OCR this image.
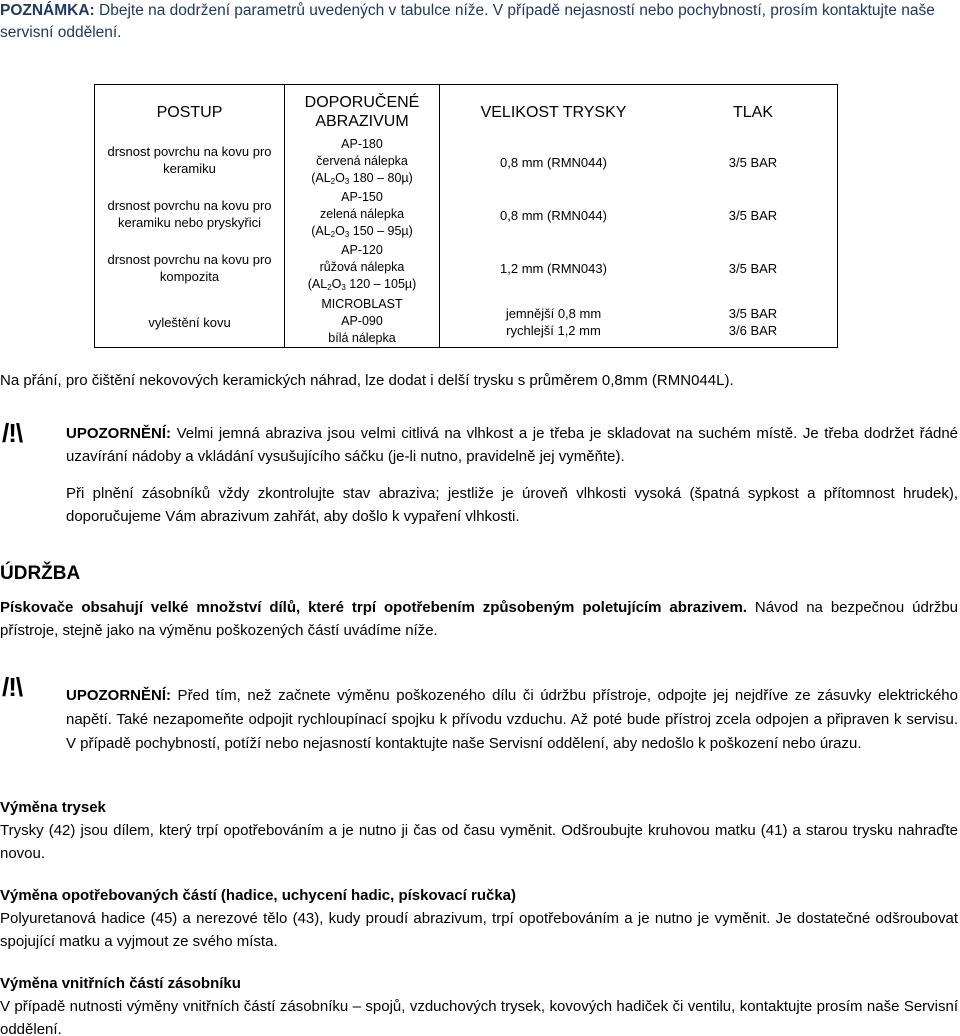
POZNÁMKA: Dbejte na dodržení parametrů uvedených v tabulce níže. V případě nejasností nebo pochybností, prosím kontaktujte naše servisní oddělení.

POSTUP
drsnost povrchu na kovu pro
keramiku
drsnost povrchu na kovu pro
keramiku nebo pryskyřici
drsnost povrchu na kovu pro
kompozita
vyleštění kovu
DOPORUČENÉ
ABRAZIVUM
AP-180
červená nálepka
($AL_2O_3$ 180 – 80µ)
AP-150
zelená nálepka
($AL_2O_3$ 150 – 95µ)
AP-120
růžová nálepka
($AL_2O_3$ 120 – 105µ)
MICROBLAST
AP-090
bílá nálepka
VELIKOST TRYSKY
0,8 mm (RMN044)
0,8 mm (RMN044)
1,2 mm (RMN043)
jemnější 0,8 mm
rychlejší 1,2 mm
TLAK
3/5 BAR
3/5 BAR
3/5 BAR
3/5 BAR
3/6 BAR

Na přání, pro čištění nekovových keramických náhrad, lze dodat i delší trysku s průměrem 0,8mm (RMN044L).

/!\	UPOZORNĚNÍ: Velmi jemná abraziva jsou velmi citlivá na vlhkost a je třeba je skladovat na suchém místě. Je třeba dodržet řádné uzavírání nádoby a vkládání vysušujícího sáčku (je-li nutno, pravidelně jej vyměňte).

Při plnění zásobníků vždy zkontrolujte stav abraziva; jestliže je úroveň vlhkosti vysoká (špatná sypkost a přítomnost hrudek), doporučujeme Vám abrazivum zahřát, aby došlo k vypaření vlhkosti.

ÚDRŽBA

Pískovače obsahují velké množství dílů, které trpí opotřebením způsobeným poletujícím abrazivem. Návod na bezpečnou údržbu přístroje, stejně jako na výměnu poškozených částí uvádíme níže.

/!\	UPOZORNĚNÍ: Před tím, než začnete výměnu poškozeného dílu či údržbu přístroje, odpojte jej nejdříve ze zásuvky elektrického napětí. Také nezapomeňte odpojit rychloupínací spojku k přívodu vzduchu. Až poté bude přístroj zcela odpojen a připraven k servisu. V případě pochybností, potíží nebo nejasností kontaktujte naše Servisní oddělení, aby nedošlo k poškození nebo úrazu.

Výměna trysek

Trysky (42) jsou dílem, který trpí opotřebováním a je nutno ji čas od času vyměnit. Odšroubujte kruhovou matku (41) a starou trysku nahraďte novou.

Výměna opotřebovaných částí (hadice, uchycení hadic, pískovací ručka)

Polyuretanová hadice (45) a nerezové tělo (43), kudy proudí abrazivum, trpí opotřebováním a je nutno je vyměnit. Je dostatečné odšroubovat spojující matku a vyjmout ze svého místa.

Výměna vnitřních částí zásobníku

V případě nutnosti výměny vnitřních částí zásobníku – spojů, vzduchových trysek, kovových hadiček či ventilu, kontaktujte prosím naše Servisní oddělení.
